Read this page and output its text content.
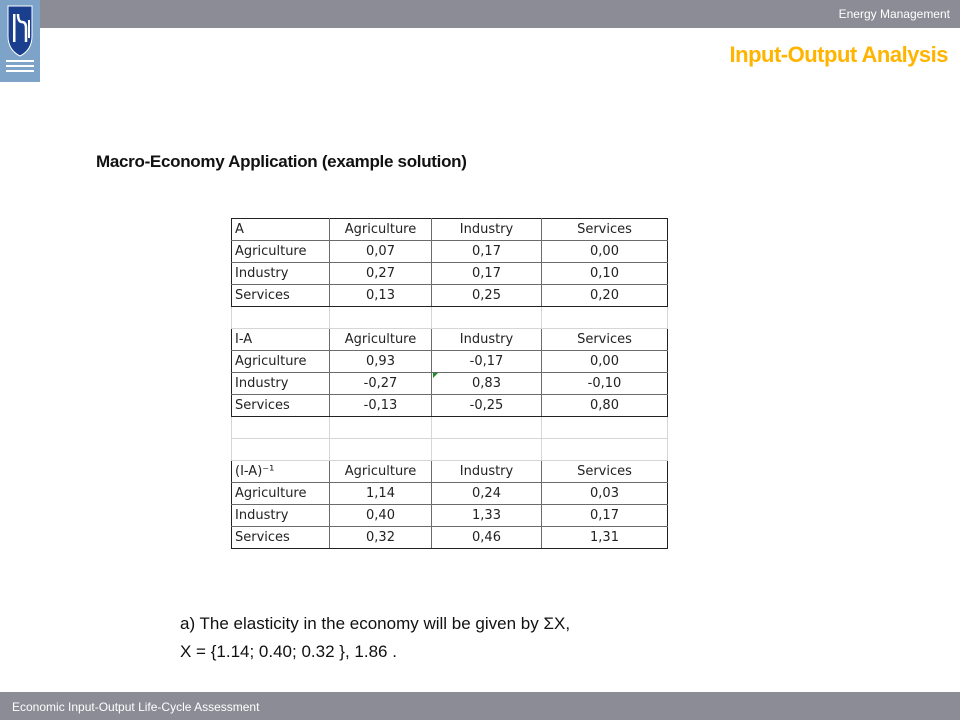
Energy Management
Input-Output Analysis
Macro-Economy Application (example solution)
A	Agriculture	Industry	Services
Agriculture	0,07	0,17	0,00
Industry	0,27	0,17	0,10
Services	0,13	0,25	0,20

I-A	Agriculture	Industry	Services
Agriculture	0,93	-0,17	0,00
Industry	-0,27	0,83	-0,10
Services	-0,13	-0,25	0,80

(I-A)⁻¹	Agriculture	Industry	Services
Agriculture	1,14	0,24	0,03
Industry	0,40	1,33	0,17
Services	0,32	0,46	1,31
a) The elasticity in the economy will be given by ΣX,
X = {1.14; 0.40; 0.32 }, 1.86 .
Economic Input-Output Life-Cycle Assessment
